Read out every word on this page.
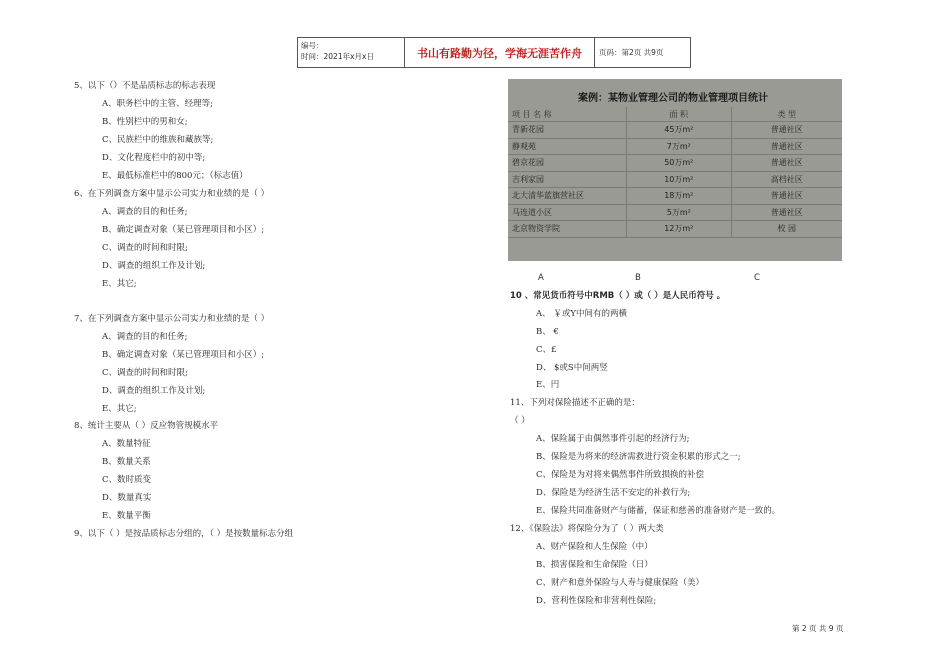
编号：
时间：2021年x月x日	书山有路勤为径，学海无涯苦作舟	页码：第2页 共9页
5、以下（）不是品质标志的标志表现
A、职务栏中的主管、经理等;
B、性别栏中的男和女;
C、民族栏中的维族和藏族等;
D、文化程度栏中的初中等;
E、最低标准栏中的800元；（标志值）
6、在下列调查方案中显示公司实力和业绩的是（ ）
A、调查的目的和任务;
B、确定调查对象（某已管理项目和小区）;
C、调查的时间和时限;
D、调查的组织工作及计划;
E、其它;
7、在下列调查方案中显示公司实力和业绩的是（ ）
A、调查的目的和任务;
B、确定调查对象（某已管理项目和小区）;
C、调查的时间和时限;
D、调查的组织工作及计划;
E、其它;
8、统计主要从（ ）反应物管规模水平
A、数量特征
B、数量关系
C、数时质变
D、数量真实
E、数量平衡
9、以下（ ）是按品质标志分组的，（ ）是按数量标志分组
案例：某物业管理公司的物业管理项目统计
项 目 名 称	面 积	类 型
青新花园	45万m²	普通社区
静观苑	7万m²	普通社区
碧京花园	50万m²	普通社区
吉利家园	10万m²	高档社区
北大清华蓝旗营社区	18万m²	普通社区
马连道小区	5万m²	普通社区
北京物资学院	12万m²	校 园
A	B	C
10 、常见货币符号中RMB（ ）或（ ）是人民币符号 。
A、 ￥或Y中间有的两横
B、 €
C、£
D、 $或S中间两竖
E、円
11、下列对保险描述不正确的是：
（ ）
A、保险属于由偶然事件引起的经济行为;
B、保险是为将来的经济需救进行资金积累的形式之一;
C、保险是为对将来偶然事件所致损换的补偿
D、保险是为经济生活不安定的补救行为;
E、保险共同准备财产与储蓄，保证和慈善的准备财产是一致的。
12、《保险法》将保险分为了（ ）两大类
A、财产保险和人生保险（中）
B、损害保险和生命保险（日）
C、财产和意外保险与人寿与健康保险（美）
D、营利性保险和非营利性保险;
第 2 页 共 9 页
